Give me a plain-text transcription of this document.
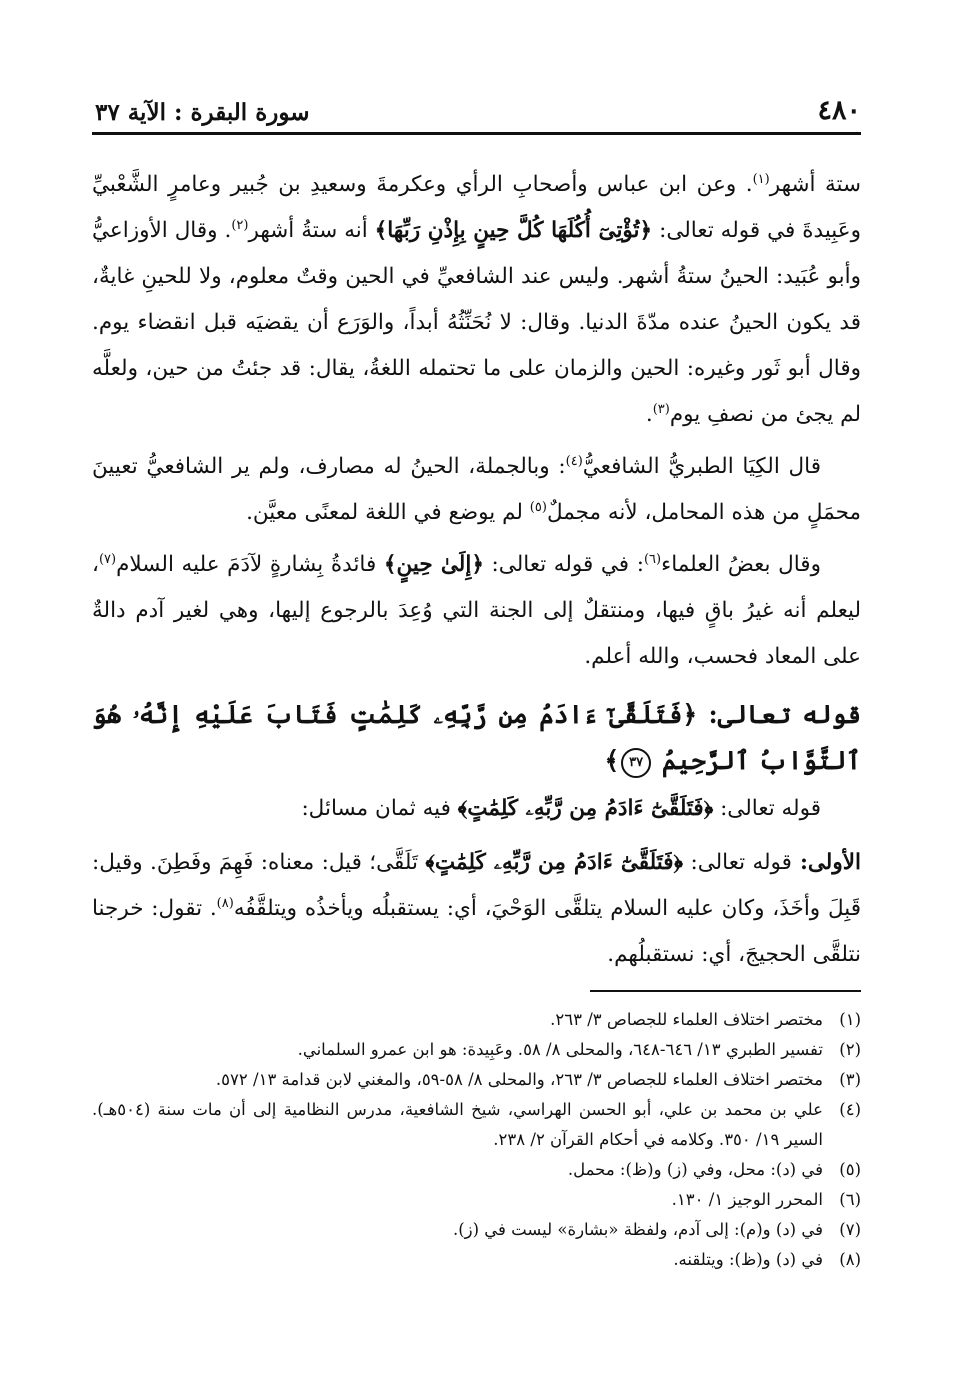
٤٨٠
سورة البقرة : الآية ٣٧

ستة أشهر$^{(١)}$. وعن ابن عباس وأصحابِ الرأي وعكرمةَ وسعيدِ بن جُبير وعامرٍ الشَّعْبيِّ وعَبِيدةَ في قوله تعالى: ﴿تُؤْتِىٓ أُكُلَهَا كُلَّ حِينٍ بِإِذْنِ رَبِّهَا﴾ أنه ستةُ أشهر$^{(٢)}$. وقال الأوزاعيُّ وأبو عُبَيد: الحينُ ستةُ أشهر. وليس عند الشافعيِّ في الحين وقتٌ معلوم، ولا للحينِ غايةٌ، قد يكون الحينُ عنده مدّةَ الدنيا. وقال: لا نُحَنِّثُهُ أبداً، والوَرَع أن يقضيَه قبل انقضاء يوم. وقال أبو ثَور وغيره: الحين والزمان على ما تحتمله اللغةُ، يقال: قد جئتُ من حين، ولعلَّه لم يجئ من نصفِ يوم$^{(٣)}$.

قال الكِيَا الطبريُّ الشافعيُّ$^{(٤)}$: وبالجملة، الحينُ له مصارف، ولم ير الشافعيُّ تعيينَ محمَلٍ من هذه المحامل، لأنه مجملٌ$^{(٥)}$ لم يوضع في اللغة لمعنًى معيَّن.

وقال بعضُ العلماء$^{(٦)}$: في قوله تعالى: ﴿إِلَىٰ حِينٍ﴾ فائدةُ بِشارةٍ لآدَمَ عليه السلام$^{(٧)}$، ليعلم أنه غيرُ باقٍ فيها، ومنتقلٌ إلى الجنة التي وُعِدَ بالرجوع إليها، وهي لغير آدم دالةٌ على المعاد فحسب، والله أعلم.

قوله تعالى: ﴿فَتَلَقَّىٰٓ ءَادَمُ مِن رَّبِّهِۦ كَلِمَٰتٍ فَتَابَ عَلَيْهِ إِنَّهُۥ هُوَ ٱلتَّوَّابُ ٱلرَّحِيمُ ٣٧﴾

قوله تعالى: ﴿فَتَلَقَّىٰٓ ءَادَمُ مِن رَّبِّهِۦ كَلِمَٰتٍ﴾ فيه ثمان مسائل:

الأولى: قوله تعالى: ﴿فَتَلَقَّىٰٓ ءَادَمُ مِن رَّبِّهِۦ كَلِمَٰتٍ﴾ تَلَقَّى؛ قيل: معناه: فَهِمَ وفَطِنَ. وقيل: قَبِلَ وأخَذَ، وكان عليه السلام يتلقَّى الوَحْيَ، أي: يستقبلُه ويأخذُه ويتلقَّفُه$^{(٨)}$. تقول: خرجنا نتلقَّى الحجيجَ، أي: نستقبلُهم.

(١)
مختصر اختلاف العلماء للجصاص ٣/ ٢٦٣.

(٢)
تفسير الطبري ١٣/ ٦٤٦-٦٤٨، والمحلى ٨/ ٥٨. وعَبِيدة: هو ابن عمرو السلماني.

(٣)
مختصر اختلاف العلماء للجصاص ٣/ ٢٦٣، والمحلى ٨/ ٥٨-٥٩، والمغني لابن قدامة ١٣/ ٥٧٢.

(٤)
علي بن محمد بن علي، أبو الحسن الهراسي، شيخ الشافعية، مدرس النظامية إلى أن مات سنة (٥٠٤هـ). السير ١٩/ ٣٥٠. وكلامه في أحكام القرآن ٢/ ٢٣٨.

(٥)
في (د): محل، وفي (ز) و(ظ): محمل.

(٦)
المحرر الوجيز ١/ ١٣٠.

(٧)
في (د) و(م): إلى آدم، ولفظة «بشارة» ليست في (ز).

(٨)
في (د) و(ظ): ويتلقنه.
